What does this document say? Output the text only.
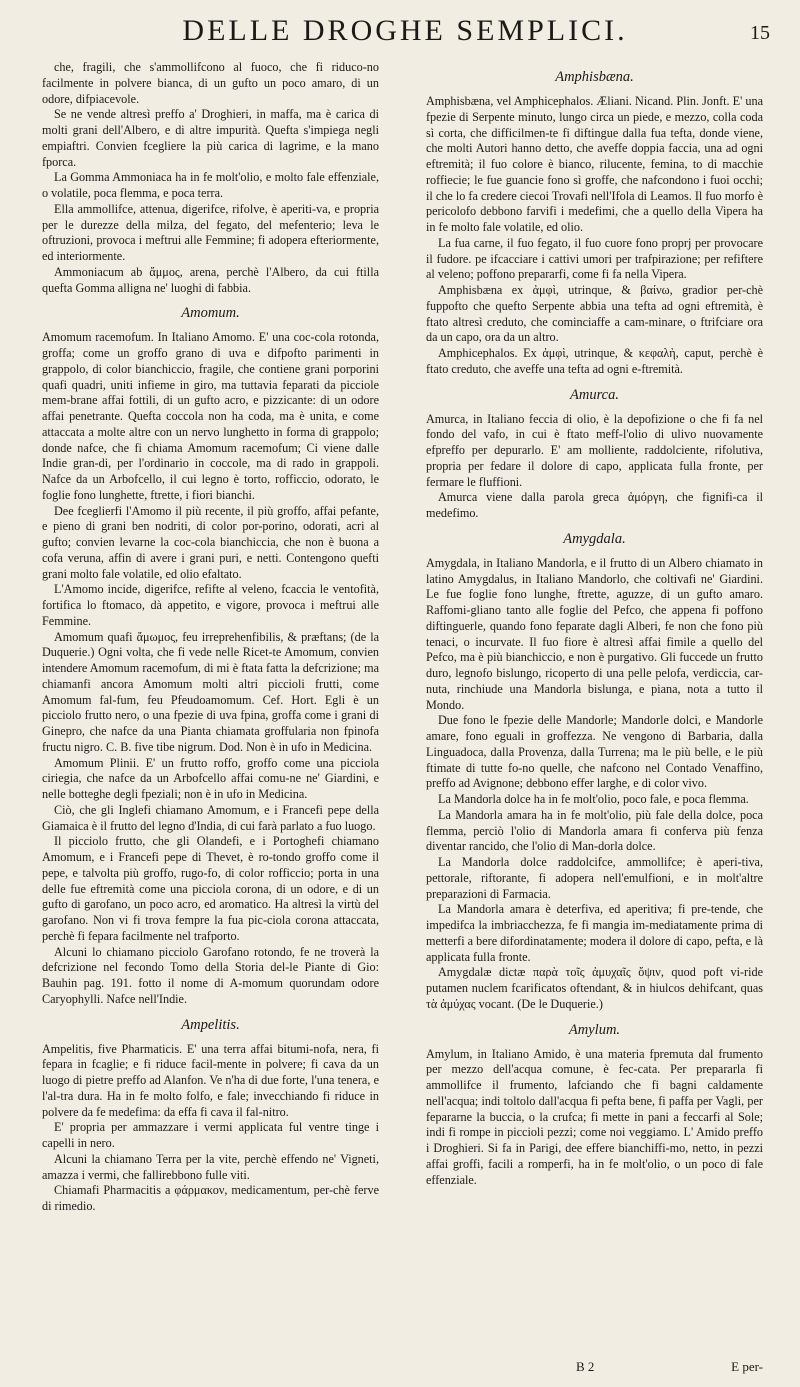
DELLE DROGHE SEMPLICI.	15

che, fragili, che s'ammollifcono al fuoco, che fi riduco-no facilmente in polvere bianca, di un gufto un poco amaro, di un odore, difpiacevole.

Se ne vende altresì preffo a' Droghieri, in maffa, ma è carica di molti grani dell'Albero, e di altre impurità. Quefta s'impiega negli empiaftri. Convien fcegliere la più carica di lagrime, e la mano fporca.

La Gomma Ammoniaca ha in fe molt'olio, e molto fale effenziale, o volatile, poca flemma, e poca terra.

Ella ammollifce, attenua, digerifce, rifolve, è aperiti-va, e propria per le durezze della milza, del fegato, del mefenterio; leva le oftruzioni, provoca i meftrui alle Femmine; fi adopera efteriormente, ed interiormente.

Ammoniacum ab ἄμμος, arena, perchè l'Albero, da cui ftilla quefta Gomma alligna ne' luoghi di fabbia.

Amomum.

Amomum racemofum. In Italiano Amomo. E' una coc-cola rotonda, groffa; come un groffo grano di uva e difpofto parimenti in grappolo, di color bianchiccio, fragile, che contiene grani porporini quafi quadri, uniti infieme in giro, ma tuttavia feparati da picciole mem-brane affai fottili, di un gufto acro, e pizzicante: di un odore affai penetrante. Quefta coccola non ha coda, ma è unita, e come attaccata a molte altre con un nervo lunghetto in forma di grappolo; donde nafce, che fi chiama Amomum racemofum; Ci viene dalle Indie gran-di, per l'ordinario in coccole, ma di rado in grappoli. Nafce da un Arbofcello, il cui legno è torto, rofficcio, odorato, le foglie fono lunghette, ftrette, i fiori bianchi.

Dee fceglierfi l'Amomo il più recente, il più groffo, affai pefante, e pieno di grani ben nodriti, di color por-porino, odorati, acri al gufto; convien levarne la coc-cola bianchiccia, che non è buona a cofa veruna, affin di avere i grani puri, e netti. Contengono quefti grani molto fale volatile, ed olio efaltato.

L'Amomo incide, digerifce, refifte al veleno, fcaccia le ventofità, fortifica lo ftomaco, dà appetito, e vigore, provoca i meftrui alle Femmine.

Amomum quafi ἄμωμος, feu irreprehenfibilis, & præftans; (de la Duquerie.) Ogni volta, che fi vede nelle Ricet-te Amomum, convien intendere Amomum racemofum, di mi è ftata fatta la defcrizione; ma chiamanfi ancora Amomum molti altri piccioli frutti, come Amomum fal-fum, feu Pfeudoamomum. Cef. Hort. Egli è un picciolo frutto nero, o una fpezie di uva fpina, groffa come i grani di Ginepro, che nafce da una Pianta chiamata groffularia non fpinofa fructu nigro. C. B. five tibe nigrum. Dod. Non è in ufo in Medicina.

Amomum Plinii. E' un frutto roffo, groffo come una picciola ciriegia, che nafce da un Arbofcello affai comu-ne ne' Giardini, e nelle botteghe degli fpeziali; non è in ufo in Medicina.

Ciò, che gli Inglefi chiamano Amomum, e i Francefi pepe della Giamaica è il frutto del legno d'India, di cui farà parlato a fuo luogo.

Il picciolo frutto, che gli Olandefi, e i Portoghefi chiamano Amomum, e i Francefi pepe di Thevet, è ro-tondo groffo come il pepe, e talvolta più groffo, rugo-fo, di color rofficcio; porta in una delle fue eftremità come una picciola corona, di un odore, e di un gufto di garofano, un poco acro, ed aromatico. Ha altresì la virtù del garofano. Non vi fi trova fempre la fua pic-ciola corona attaccata, perchè fi fepara facilmente nel trafporto.

Alcuni lo chiamano picciolo Garofano rotondo, fe ne troverà la defcrizione nel fecondo Tomo della Storia del-le Piante di Gio: Bauhin pag. 191. fotto il nome di A-momum quorundam odore Caryophylli. Nafce nell'Indie.

Ampelitis.

Ampelitis, five Pharmaticis. E' una terra affai bitumi-nofa, nera, fi fepara in fcaglie; e fi riduce facil-mente in polvere; fi cava da un luogo di pietre preffo ad Alanfon. Ve n'ha di due forte, l'una tenera, e l'al-tra dura. Ha in fe molto folfo, e fale; invecchiando fi riduce in polvere da fe medefima: da effa fi cava il fal-nitro.

E' propria per ammazzare i vermi applicata ful ventre tinge i capelli in nero.

Alcuni la chiamano Terra per la vite, perchè effendo ne' Vigneti, amazza i vermi, che fallirebbono fulle viti.

Chiamafi Pharmacitis a φάρμακον, medicamentum, per-chè ferve di rimedio.

Amphisbæna.

Amphisbæna, vel Amphicephalos. Æliani. Nicand. Plin. Jonft. E' una fpezie di Serpente minuto, lungo circa un piede, e mezzo, colla coda sì corta, che difficilmen-te fi diftingue dalla fua tefta, donde viene, che molti Autori hanno detto, che aveffe doppia faccia, una ad ogni eftremità; il fuo colore è bianco, rilucente, femina, to di macchie roffiecie; le fue guancie fono sì groffe, che nafcondono i fuoi occhi; il che lo fa credere ciecoi Trovafi nell'Ifola di Leamos. Il fuo morfo è pericolofo debbono farvifi i medefimi, che a quello della Vipera ha in fe molto fale volatile, ed olio.

La fua carne, il fuo fegato, il fuo cuore fono proprj per provocare il fudore. pe ifcacciare i cattivi umori per trafpirazione; per refiftere al veleno; poffono prepararfi, come fi fa nella Vipera.

Amphisbæna ex ἀμφὶ, utrinque, & βαίνω, gradior per-chè fuppofto che quefto Serpente abbia una tefta ad ogni eftremità, è ftato altresì creduto, che cominciaffe a cam-minare, o ftrifciare ora da un capo, ora da un altro.

Amphicephalos. Ex ἀμφὶ, utrinque, & κεφαλὴ, caput, perchè è ftato creduto, che aveffe una tefta ad ogni e-ftremità.

Amurca.

Amurca, in Italiano feccia di olio, è la depofizione o che fi fa nel fondo del vafo, in cui è ftato meff-l'olio di ulivo nuovamente efpreffo per depurarlo. E' am molliente, raddolciente, rifolutiva, propria per fedare il dolore di capo, applicata fulla fronte, per fermare le fluffioni.

Amurca viene dalla parola greca ἀμόργη, che fignifi-ca il medefimo.

Amygdala.

Amygdala, in Italiano Mandorla, e il frutto di un Albero chiamato in latino Amygdalus, in Italiano Mandorlo, che coltivafi ne' Giardini. Le fue foglie fono lunghe, ftrette, aguzze, di un gufto amaro. Raffomi-gliano tanto alle foglie del Pefco, che appena fi poffono diftinguerle, quando fono feparate dagli Alberi, fe non che fono più tenaci, o incurvate. Il fuo fiore è altresì affai fimile a quello del Pefco, ma è più bianchiccio, e non è purgativo. Gli fuccede un frutto duro, legnofo bislungo, ricoperto di una pelle pelofa, verdiccia, car-nuta, rinchiude una Mandorla bislunga, e piana, nota a tutto il Mondo.

Due fono le fpezie delle Mandorle; Mandorle dolci, e Mandorle amare, fono eguali in groffezza. Ne vengono di Barbaria, dalla Linguadoca, dalla Provenza, dalla Turrena; ma le più belle, e le più ftimate di tutte fo-no quelle, che nafcono nel Contado Venaffino, preffo ad Avignone; debbono effer larghe, e di color vivo.

La Mandorla dolce ha in fe molt'olio, poco fale, e poca flemma.

La Mandorla amara ha in fe molt'olio, più fale della dolce, poca flemma, perciò l'olio di Mandorla amara fi conferva più fenza diventar rancido, che l'olio di Man-dorla dolce.

La Mandorla dolce raddolcifce, ammollifce; è aperi-tiva, pettorale, riftorante, fi adopera nell'emulfioni, e in molt'altre preparazioni di Farmacia.

La Mandorla amara è deterfiva, ed aperitiva; fi pre-tende, che impedifca la imbriacchezza, fe fi mangia im-mediatamente prima di metterfi a bere difordinatamente; modera il dolore di capo, pefta, e là applicata fulla fronte.

Amygdalæ dictæ παρὰ τοῖς ἀμυχαῖς ὄψιν, quod poft vi-ride putamen nuclem fcarificatos oftendant, & in hiulcos dehifcant, quas τὰ ἀμύχας vocant. (De le Duquerie.)

Amylum.

Amylum, in Italiano Amido, è una materia fpremuta dal frumento per mezzo dell'acqua comune, è fec-cata. Per prepararla fi ammollifce il frumento, lafciando che fi bagni caldamente nell'acqua; indi toltolo dall'acqua fi pefta bene, fi paffa per Vagli, per fepararne la buccia, o la crufca; fi mette in pani a feccarfi al Sole; indi fi rompe in piccioli pezzi; come noi veggiamo. L' Amido preffo i Droghieri. Si fa in Parigi, dee effere bianchiffi-mo, netto, in pezzi affai groffi, facili a romperfi, ha in fe molt'olio, o un poco di fale effenziale.

B 2	E per-
